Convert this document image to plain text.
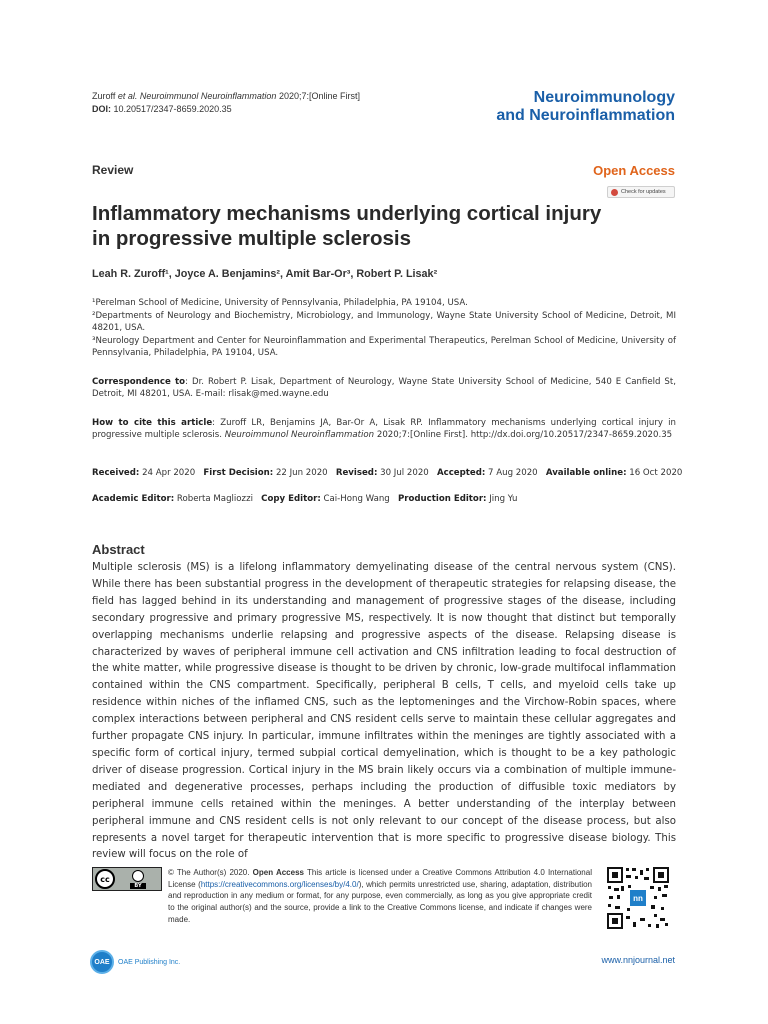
Zuroff et al. Neuroimmunol Neuroinflammation 2020;7:[Online First]
DOI: 10.20517/2347-8659.2020.35
Neuroimmunology
and Neuroinflammation
Review	Open Access
Check for updates
Inflammatory mechanisms underlying cortical injury
in progressive multiple sclerosis
Leah R. Zuroff¹, Joyce A. Benjamins², Amit Bar-Or³, Robert P. Lisak²
¹Perelman School of Medicine, University of Pennsylvania, Philadelphia, PA 19104, USA.
²Departments of Neurology and Biochemistry, Microbiology, and Immunology, Wayne State University School of Medicine, Detroit, MI 48201, USA.
³Neurology Department and Center for Neuroinflammation and Experimental Therapeutics, Perelman School of Medicine, University of Pennsylvania, Philadelphia, PA 19104, USA.
Correspondence to: Dr. Robert P. Lisak, Department of Neurology, Wayne State University School of Medicine, 540 E Canfield St, Detroit, MI 48201, USA. E-mail: rlisak@med.wayne.edu
How to cite this article: Zuroff LR, Benjamins JA, Bar-Or A, Lisak RP. Inflammatory mechanisms underlying cortical injury in progressive multiple sclerosis. Neuroimmunol Neuroinflammation 2020;7:[Online First]. http://dx.doi.org/10.20517/2347-8659.2020.35
Received: 24 Apr 2020 First Decision: 22 Jun 2020 Revised: 30 Jul 2020 Accepted: 7 Aug 2020 Available online: 16 Oct 2020
Academic Editor: Roberta Magliozzi Copy Editor: Cai-Hong Wang Production Editor: Jing Yu
Abstract
Multiple sclerosis (MS) is a lifelong inflammatory demyelinating disease of the central nervous system (CNS). While there has been substantial progress in the development of therapeutic strategies for relapsing disease, the field has lagged behind in its understanding and management of progressive stages of the disease, including secondary progressive and primary progressive MS, respectively. It is now thought that distinct but temporally overlapping mechanisms underlie relapsing and progressive aspects of the disease. Relapsing disease is characterized by waves of peripheral immune cell activation and CNS infiltration leading to focal destruction of the white matter, while progressive disease is thought to be driven by chronic, low-grade multifocal inflammation contained within the CNS compartment. Specifically, peripheral B cells, T cells, and myeloid cells take up residence within niches of the inflamed CNS, such as the leptomeninges and the Virchow-Robin spaces, where complex interactions between peripheral and CNS resident cells serve to maintain these cellular aggregates and further propagate CNS injury. In particular, immune infiltrates within the meninges are tightly associated with a specific form of cortical injury, termed subpial cortical demyelination, which is thought to be a key pathologic driver of disease progression. Cortical injury in the MS brain likely occurs via a combination of multiple immune-mediated and degenerative processes, perhaps including the production of diffusible toxic mediators by peripheral immune cells retained within the meninges. A better understanding of the interplay between peripheral immune and CNS resident cells is not only relevant to our concept of the disease process, but also represents a novel target for therapeutic intervention that is more specific to progressive disease biology. This review will focus on the role of
cc
BY
© The Author(s) 2020. Open Access This article is licensed under a Creative Commons Attribution 4.0 International License (https://creativecommons.org/licenses/by/4.0/), which permits unrestricted use, sharing, adaptation, distribution and reproduction in any medium or format, for any purpose, even commercially, as long as you give appropriate credit to the original author(s) and the source, provide a link to the Creative Commons license, and indicate if changes were made.
nn
OAE OAE Publishing Inc.	www.nnjournal.net
